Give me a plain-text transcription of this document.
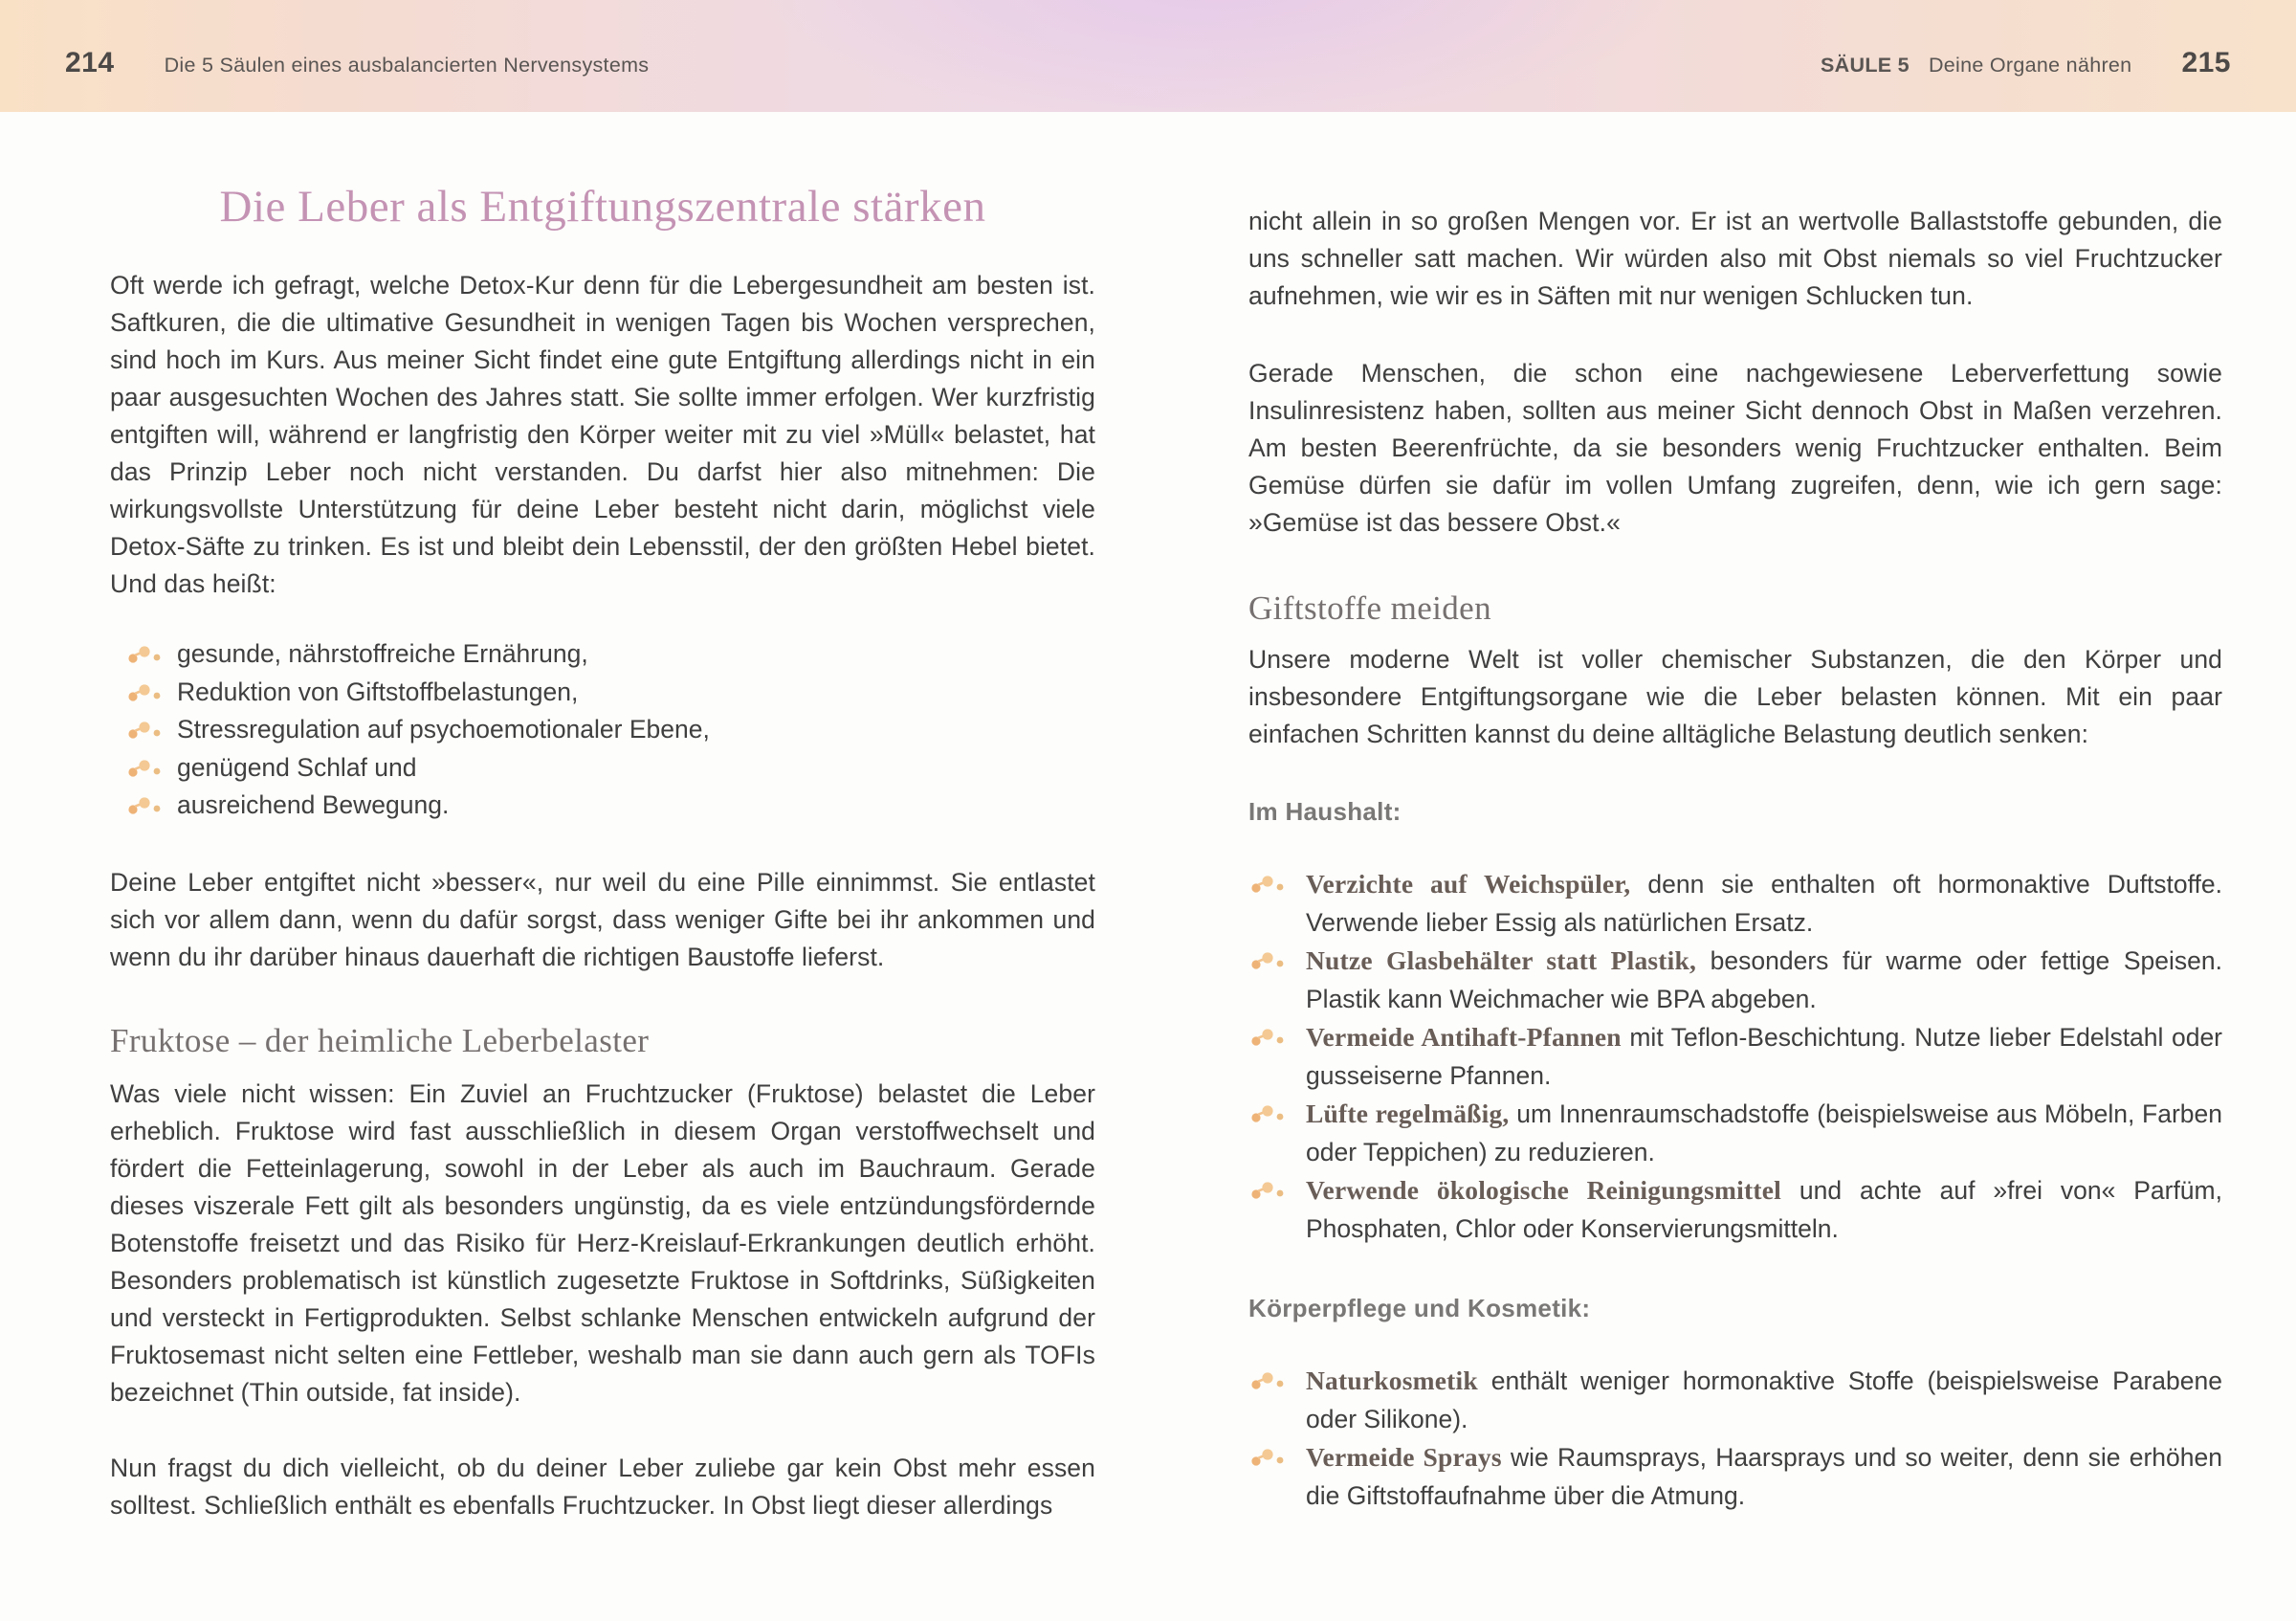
214 Die 5 Säulen eines ausbalancierten Nervensystems	SÄULE 5 Deine Organe nähren 215
Die Leber als Entgiftungszentrale stärken

Oft werde ich gefragt, welche Detox-Kur denn für die Lebergesundheit am besten ist. Saftkuren, die die ultimative Gesundheit in wenigen Tagen bis Wochen versprechen, sind hoch im Kurs. Aus meiner Sicht findet eine gute Entgiftung allerdings nicht in ein paar ausgesuchten Wochen des Jahres statt. Sie sollte immer erfolgen. Wer kurzfristig entgiften will, während er langfristig den Körper weiter mit zu viel »Müll« belastet, hat das Prinzip Leber noch nicht verstanden. Du darfst hier also mitnehmen: Die wirkungsvollste Unterstützung für deine Leber besteht nicht darin, möglichst viele Detox-Säfte zu trinken. Es ist und bleibt dein Lebensstil, der den größten Hebel bietet. Und das heißt:

gesunde, nährstoffreiche Ernährung,
Reduktion von Giftstoffbelastungen,
Stressregulation auf psychoemotionaler Ebene,
genügend Schlaf und
ausreichend Bewegung.

Deine Leber entgiftet nicht »besser«, nur weil du eine Pille einnimmst. Sie entlastet sich vor allem dann, wenn du dafür sorgst, dass weniger Gifte bei ihr ankommen und wenn du ihr darüber hinaus dauerhaft die richtigen Baustoffe lieferst.

Fruktose – der heimliche Leberbelaster

Was viele nicht wissen: Ein Zuviel an Fruchtzucker (Fruktose) belastet die Leber erheblich. Fruktose wird fast ausschließlich in diesem Organ verstoffwechselt und fördert die Fetteinlagerung, sowohl in der Leber als auch im Bauchraum. Gerade dieses viszerale Fett gilt als besonders ungünstig, da es viele entzündungsfördernde Botenstoffe freisetzt und das Risiko für Herz-Kreislauf-Erkrankungen deutlich erhöht. Besonders problematisch ist künstlich zugesetzte Fruktose in Softdrinks, Süßigkeiten und versteckt in Fertigprodukten. Selbst schlanke Menschen entwickeln aufgrund der Fruktosemast nicht selten eine Fettleber, weshalb man sie dann auch gern als TOFIs bezeichnet (Thin outside, fat inside).

Nun fragst du dich vielleicht, ob du deiner Leber zuliebe gar kein Obst mehr essen solltest. Schließlich enthält es ebenfalls Fruchtzucker. In Obst liegt dieser allerdings

nicht allein in so großen Mengen vor. Er ist an wertvolle Ballaststoffe gebunden, die uns schneller satt machen. Wir würden also mit Obst niemals so viel Fruchtzucker aufnehmen, wie wir es in Säften mit nur wenigen Schlucken tun.

Gerade Menschen, die schon eine nachgewiesene Leberverfettung sowie Insulinresistenz haben, sollten aus meiner Sicht dennoch Obst in Maßen verzehren. Am besten Beerenfrüchte, da sie besonders wenig Fruchtzucker enthalten. Beim Gemüse dürfen sie dafür im vollen Umfang zugreifen, denn, wie ich gern sage: »Gemüse ist das bessere Obst.«

Giftstoffe meiden

Unsere moderne Welt ist voller chemischer Substanzen, die den Körper und insbesondere Entgiftungsorgane wie die Leber belasten können. Mit ein paar einfachen Schritten kannst du deine alltägliche Belastung deutlich senken:

Im Haushalt:
Verzichte auf Weichspüler, denn sie enthalten oft hormonaktive Duftstoffe. Verwende lieber Essig als natürlichen Ersatz.
Nutze Glasbehälter statt Plastik, besonders für warme oder fettige Speisen. Plastik kann Weichmacher wie BPA abgeben.
Vermeide Antihaft-Pfannen mit Teflon-Beschichtung. Nutze lieber Edelstahl oder gusseiserne Pfannen.
Lüfte regelmäßig, um Innenraumschadstoffe (beispielsweise aus Möbeln, Farben oder Teppichen) zu reduzieren.
Verwende ökologische Reinigungsmittel und achte auf »frei von« Parfüm, Phosphaten, Chlor oder Konservierungsmitteln.
Körperpflege und Kosmetik:
Naturkosmetik enthält weniger hormonaktive Stoffe (beispielsweise Parabene oder Silikone).
Vermeide Sprays wie Raumsprays, Haarsprays und so weiter, denn sie erhöhen die Giftstoffaufnahme über die Atmung.
